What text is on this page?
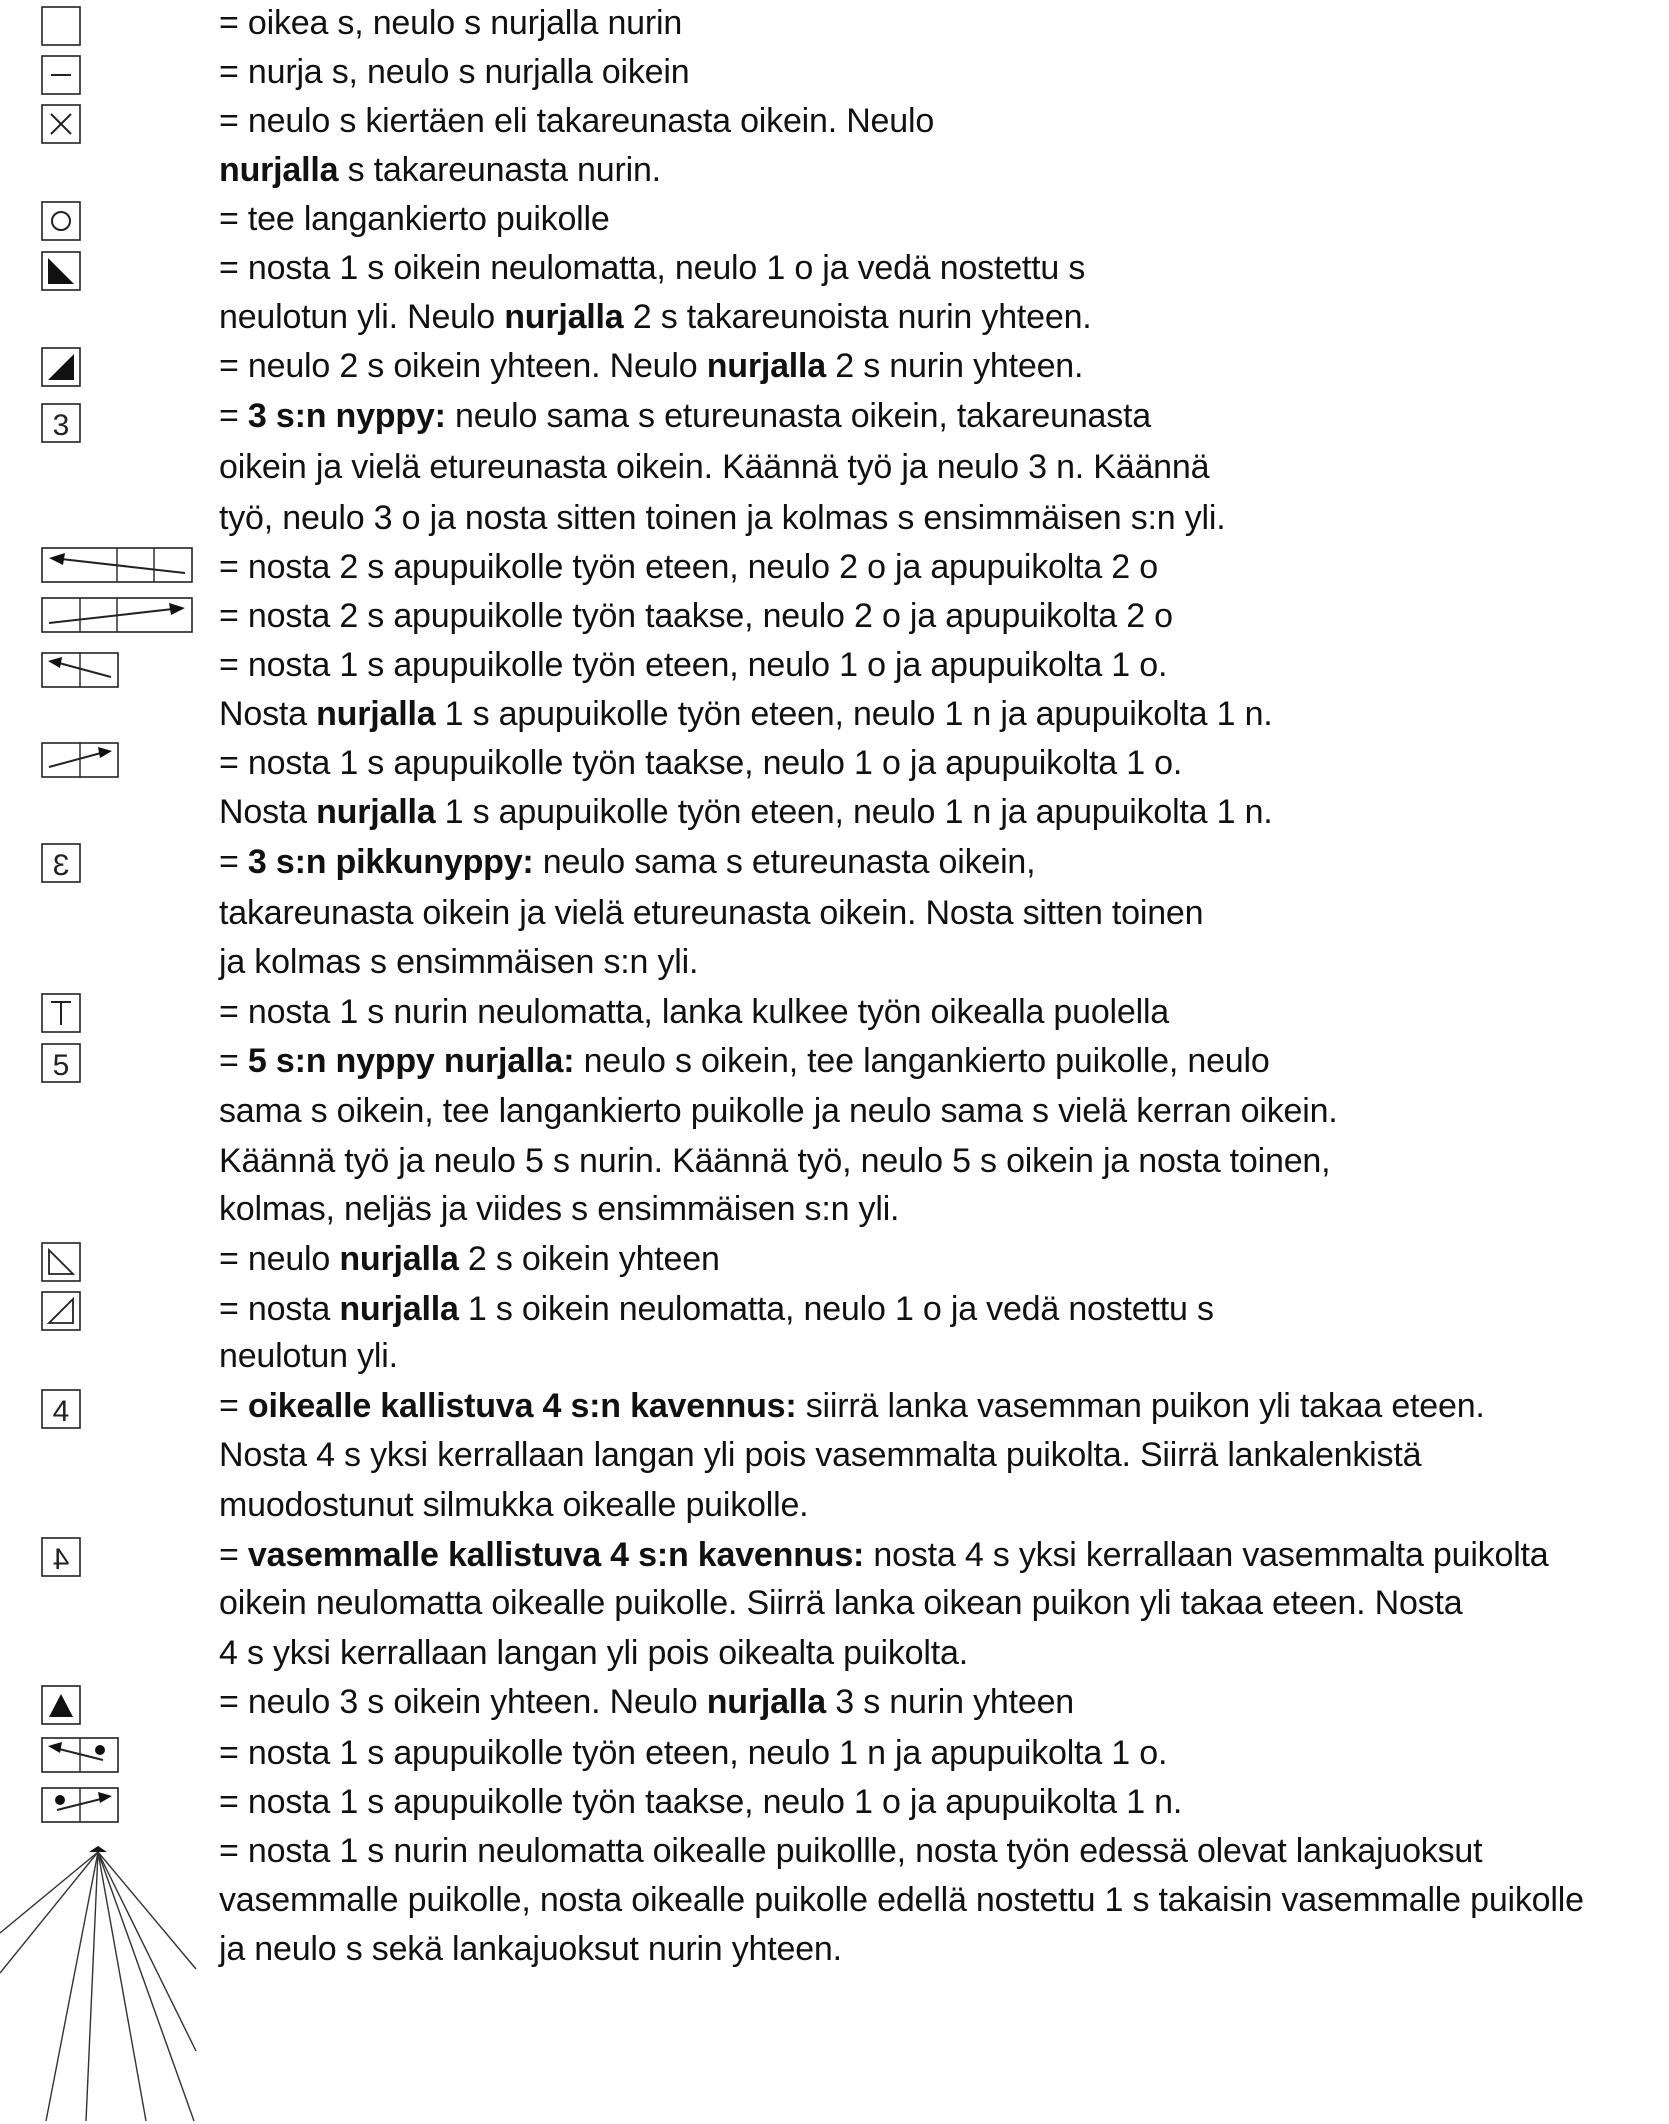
3
3
5
4
4
= oikea s, neulo s nurjalla nurin
= nurja s, neulo s nurjalla oikein
= neulo s kiertäen eli takareunasta oikein. Neulo
nurjalla s takareunasta nurin.
= tee langankierto puikolle
= nosta 1 s oikein neulomatta, neulo 1 o ja vedä nostettu s
neulotun yli. Neulo nurjalla 2 s takareunoista nurin yhteen.
= neulo 2 s oikein yhteen. Neulo nurjalla 2 s nurin yhteen.
= 3 s:n nyppy: neulo sama s etureunasta oikein, takareunasta
oikein ja vielä etureunasta oikein. Käännä työ ja neulo 3 n. Käännä
työ, neulo 3 o ja nosta sitten toinen ja kolmas s ensimmäisen s:n yli.
= nosta 2 s apupuikolle työn eteen, neulo 2 o ja apupuikolta 2 o
= nosta 2 s apupuikolle työn taakse, neulo 2 o ja apupuikolta 2 o
= nosta 1 s apupuikolle työn eteen, neulo 1 o ja apupuikolta 1 o.
Nosta nurjalla 1 s apupuikolle työn eteen, neulo 1 n ja apupuikolta 1 n.
= nosta 1 s apupuikolle työn taakse, neulo 1 o ja apupuikolta 1 o.
Nosta nurjalla 1 s apupuikolle työn eteen, neulo 1 n ja apupuikolta 1 n.
= 3 s:n pikkunyppy: neulo sama s etureunasta oikein,
takareunasta oikein ja vielä etureunasta oikein. Nosta sitten toinen
ja kolmas s ensimmäisen s:n yli.
= nosta 1 s nurin neulomatta, lanka kulkee työn oikealla puolella
= 5 s:n nyppy nurjalla: neulo s oikein, tee langankierto puikolle, neulo
sama s oikein, tee langankierto puikolle ja neulo sama s vielä kerran oikein.
Käännä työ ja neulo 5 s nurin. Käännä työ, neulo 5 s oikein ja nosta toinen,
kolmas, neljäs ja viides s ensimmäisen s:n yli.
= neulo nurjalla 2 s oikein yhteen
= nosta nurjalla 1 s oikein neulomatta, neulo 1 o ja vedä nostettu s
neulotun yli.
= oikealle kallistuva 4 s:n kavennus: siirrä lanka vasemman puikon yli takaa eteen.
Nosta 4 s yksi kerrallaan langan yli pois vasemmalta puikolta. Siirrä lankalenkistä
muodostunut silmukka oikealle puikolle.
= vasemmalle kallistuva 4 s:n kavennus: nosta 4 s yksi kerrallaan vasemmalta puikolta
oikein neulomatta oikealle puikolle. Siirrä lanka oikean puikon yli takaa eteen. Nosta
4 s yksi kerrallaan langan yli pois oikealta puikolta.
= neulo 3 s oikein yhteen. Neulo nurjalla 3 s nurin yhteen
= nosta 1 s apupuikolle työn eteen, neulo 1 n ja apupuikolta 1 o.
= nosta 1 s apupuikolle työn taakse, neulo 1 o ja apupuikolta 1 n.
= nosta 1 s nurin neulomatta oikealle puikollle, nosta työn edessä olevat lankajuoksut
vasemmalle puikolle, nosta oikealle puikolle edellä nostettu 1 s takaisin vasemmalle puikolle
ja neulo s sekä lankajuoksut nurin yhteen.
